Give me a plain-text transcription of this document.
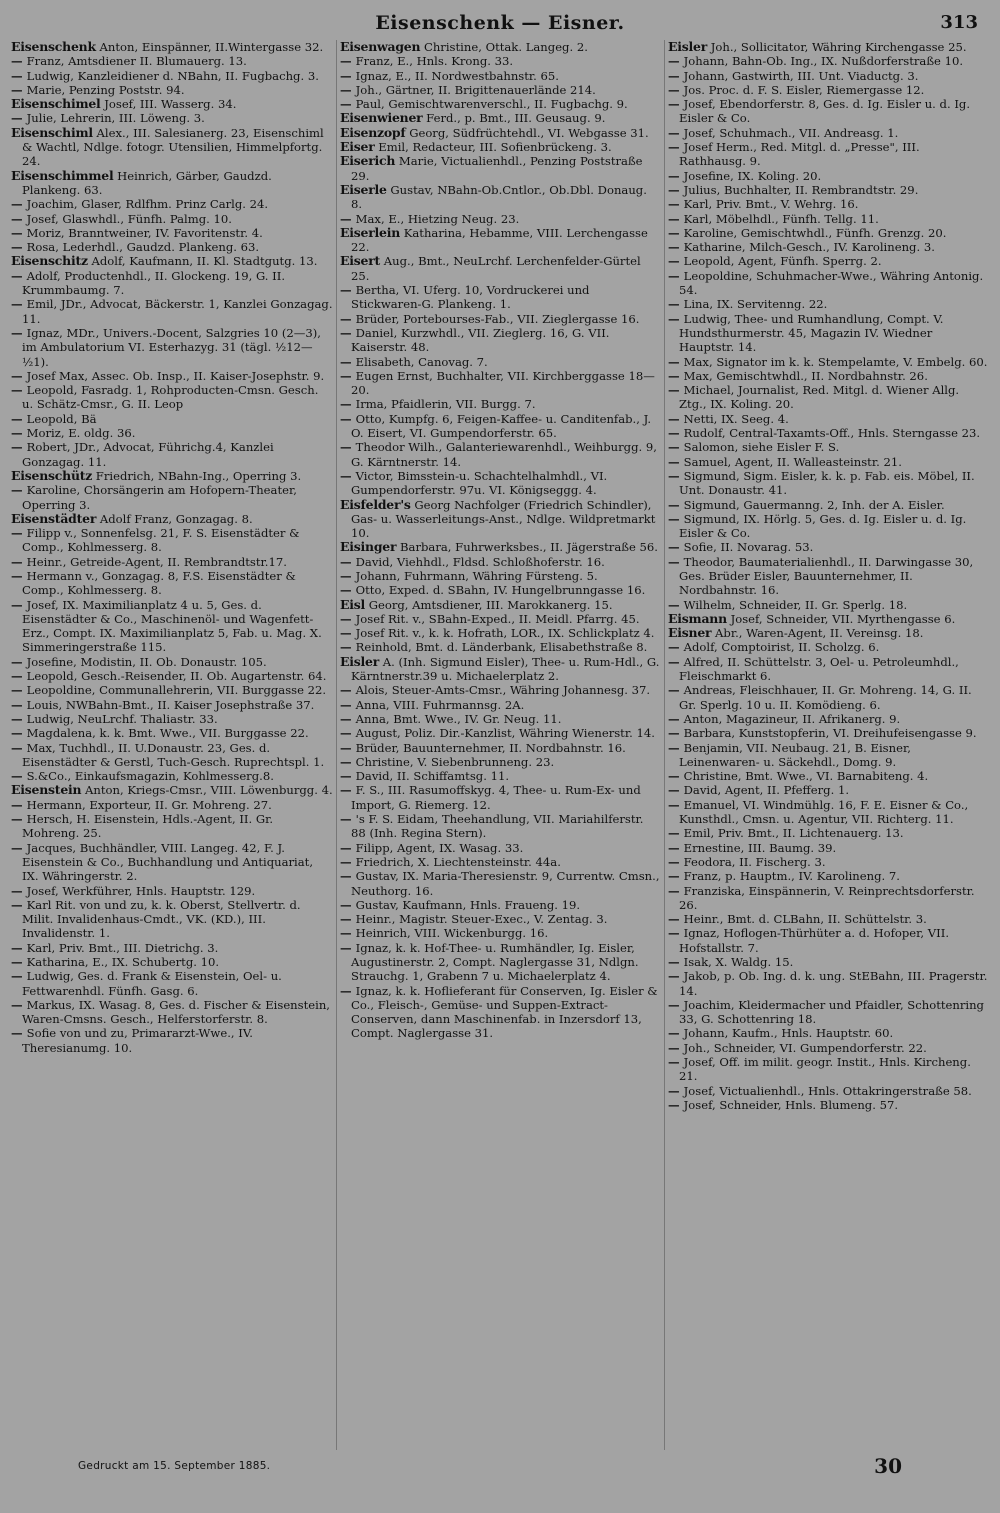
Eisenschenk — Eisner.	313

Eisenschenk Anton, Einspänner, II.Wintergasse 32.

— Franz, Amtsdiener II. Blumauerg. 13.

— Ludwig, Kanzleidiener d. NBahn, II. Fugbachg. 3.

— Marie, Penzing Poststr. 94.

Eisenschimel Josef, III. Wasserg. 34.

— Julie, Lehrerin, III. Löweng. 3.

Eisenschiml Alex., III. Salesianerg. 23, Eisenschiml & Wachtl, Ndlge. fotogr. Utensilien, Himmelpfortg. 24.

Eisenschimmel Heinrich, Gärber, Gaudzd. Plankeng. 63.

— Joachim, Glaser, Rdlfhm. Prinz Carlg. 24.

— Josef, Glaswhdl., Fünfh. Palmg. 10.

— Moriz, Branntweiner, IV. Favoritenstr. 4.

— Rosa, Lederhdl., Gaudzd. Plankeng. 63.

Eisenschitz Adolf, Kaufmann, II. Kl. Stadtgutg. 13.

— Adolf, Productenhdl., II. Glockeng. 19, G. II. Krummbaumg. 7.

— Emil, JDr., Advocat, Bäckerstr. 1, Kanzlei Gonzagag. 11.

— Ignaz, MDr., Univers.-Docent, Salzgries 10 (2—3), im Ambulatorium VI. Esterhazyg. 31 (tägl. ½12—½1).

— Josef Max, Assec. Ob. Insp., II. Kaiser-Josephstr. 9.

— Leopold, Fasradg. 1, Rohproducten-Cmsn. Gesch. u. Schätz-Cmsr., G. II. Leop

— Leopold, Bä

— Moriz, E. oldg. 36.

— Robert, JDr., Advocat, Führichg.4, Kanzlei Gonzagag. 11.

Eisenschütz Friedrich, NBahn-Ing., Operring 3.

— Karoline, Chorsängerin am Hofopern-Theater, Operring 3.

Eisenstädter Adolf Franz, Gonzagag. 8.

— Filipp v., Sonnenfelsg. 21, F. S. Eisenstädter & Comp., Kohlmesserg. 8.

— Heinr., Getreide-Agent, II. Rembrandtstr.17.

— Hermann v., Gonzagag. 8, F.S. Eisenstädter & Comp., Kohlmesserg. 8.

— Josef, IX. Maximilianplatz 4 u. 5, Ges. d. Eisenstädter & Co., Maschinenöl- und Wagenfett-Erz., Compt. IX. Maximilianplatz 5, Fab. u. Mag. X. Simmeringerstraße 115.

— Josefine, Modistin, II. Ob. Donaustr. 105.

— Leopold, Gesch.-Reisender, II. Ob. Augartenstr. 64.

— Leopoldine, Communallehrerin, VII. Burggasse 22.

— Louis, NWBahn-Bmt., II. Kaiser Josephstraße 37.

— Ludwig, NeuLrchf. Thaliastr. 33.

— Magdalena, k. k. Bmt. Wwe., VII. Burggasse 22.

— Max, Tuchhdl., II. U.Donaustr. 23, Ges. d. Eisenstädter & Gerstl, Tuch-Gesch. Ruprechtspl. 1.

— S.&Co., Einkaufsmagazin, Kohlmesserg.8.

Eisenstein Anton, Kriegs-Cmsr., VIII. Löwenburgg. 4.

— Hermann, Exporteur, II. Gr. Mohreng. 27.

— Hersch, H. Eisenstein, Hdls.-Agent, II. Gr. Mohreng. 25.

— Jacques, Buchhändler, VIII. Langeg. 42, F. J. Eisenstein & Co., Buchhandlung und Antiquariat, IX. Währingerstr. 2.

— Josef, Werkführer, Hnls. Hauptstr. 129.

— Karl Rit. von und zu, k. k. Oberst, Stellvertr. d. Milit. Invalidenhaus-Cmdt., VK. (KD.), III. Invalidenstr. 1.

— Karl, Priv. Bmt., III. Dietrichg. 3.

— Katharina, E., IX. Schubertg. 10.

— Ludwig, Ges. d. Frank & Eisenstein, Oel- u. Fettwarenhdl. Fünfh. Gasg. 6.

— Markus, IX. Wasag. 8, Ges. d. Fischer & Eisenstein, Waren-Cmsns. Gesch., Helferstorferstr. 8.

— Sofie von und zu, Primararzt-Wwe., IV. Theresianumg. 10.

Eisenwagen Christine, Ottak. Langeg. 2.

— Franz, E., Hnls. Krong. 33.

— Ignaz, E., II. Nordwestbahnstr. 65.

— Joh., Gärtner, II. Brigittenauerlände 214.

— Paul, Gemischtwarenverschl., II. Fugbachg. 9.

Eisenwiener Ferd., p. Bmt., III. Geusaug. 9.

Eisenzopf Georg, Südfrüchtehdl., VI. Webgasse 31.

Eiser Emil, Redacteur, III. Sofienbrückeng. 3.

Eiserich Marie, Victualienhdl., Penzing Poststraße 29.

Eiserle Gustav, NBahn-Ob.Cntlor., Ob.Dbl. Donaug. 8.

— Max, E., Hietzing Neug. 23.

Eiserlein Katharina, Hebamme, VIII. Lerchengasse 22.

Eisert Aug., Bmt., NeuLrchf. Lerchenfelder-Gürtel 25.

— Bertha, VI. Uferg. 10, Vordruckerei und Stickwaren-G. Plankeng. 1.

— Brüder, Portebourses-Fab., VII. Zieglergasse 16.

— Daniel, Kurzwhdl., VII. Zieglerg. 16, G. VII. Kaiserstr. 48.

— Elisabeth, Canovag. 7.

— Eugen Ernst, Buchhalter, VII. Kirchberggasse 18—20.

— Irma, Pfaidlerin, VII. Burgg. 7.

— Otto, Kumpfg. 6, Feigen-Kaffee- u. Canditenfab., J. O. Eisert, VI. Gumpendorferstr. 65.

— Theodor Wilh., Galanteriewarenhdl., Weihburgg. 9, G. Kärntnerstr. 14.

— Victor, Bimsstein-u. Schachtelhalmhdl., VI. Gumpendorferstr. 97u. VI. Königseggg. 4.

Eisfelder's Georg Nachfolger (Friedrich Schindler), Gas- u. Wasserleitungs-Anst., Ndlge. Wildpretmarkt 10.

Eisinger Barbara, Fuhrwerksbes., II. Jägerstraße 56.

— David, Viehhdl., Fldsd. Schloßhoferstr. 16.

— Johann, Fuhrmann, Währing Fürsteng. 5.

— Otto, Exped. d. SBahn, IV. Hungelbrunngasse 16.

Eisl Georg, Amtsdiener, III. Marokkanerg. 15.

— Josef Rit. v., SBahn-Exped., II. Meidl. Pfarrg. 45.

— Josef Rit. v., k. k. Hofrath, LOR., IX. Schlickplatz 4.

— Reinhold, Bmt. d. Länderbank, Elisabethstraße 8.

Eisler A. (Inh. Sigmund Eisler), Thee- u. Rum-Hdl., G. Kärntnerstr.39 u. Michaelerplatz 2.

— Alois, Steuer-Amts-Cmsr., Währing Johannesg. 37.

— Anna, VIII. Fuhrmannsg. 2A.

— Anna, Bmt. Wwe., IV. Gr. Neug. 11.

— August, Poliz. Dir.-Kanzlist, Währing Wienerstr. 14.

— Brüder, Bauunternehmer, II. Nordbahnstr. 16.

— Christine, V. Siebenbrunneng. 23.

— David, II. Schiffamtsg. 11.

— F. S., III. Rasumoffskyg. 4, Thee- u. Rum-Ex- und Import, G. Riemerg. 12.

— 's F. S. Eidam, Theehandlung, VII. Mariahilferstr. 88 (Inh. Regina Stern).

— Filipp, Agent, IX. Wasag. 33.

— Friedrich, X. Liechtensteinstr. 44a.

— Gustav, IX. Maria-Theresienstr. 9, Currentw. Cmsn., Neuthorg. 16.

— Gustav, Kaufmann, Hnls. Fraueng. 19.

— Heinr., Magistr. Steuer-Exec., V. Zentag. 3.

— Heinrich, VIII. Wickenburgg. 16.

— Ignaz, k. k. Hof-Thee- u. Rumhändler, Ig. Eisler, Augustinerstr. 2, Compt. Naglergasse 31, Ndlgn. Strauchg. 1, Grabenn 7 u. Michaelerplatz 4.

— Ignaz, k. k. Hoflieferant für Conserven, Ig. Eisler & Co., Fleisch-, Gemüse- und Suppen-Extract-Conserven, dann Maschinenfab. in Inzersdorf 13, Compt. Naglergasse 31.

Eisler Joh., Sollicitator, Währing Kirchengasse 25.

— Johann, Bahn-Ob. Ing., IX. Nußdorferstraße 10.

— Johann, Gastwirth, III. Unt. Viaductg. 3.

— Jos. Proc. d. F. S. Eisler, Riemergasse 12.

— Josef, Ebendorferstr. 8, Ges. d. Ig. Eisler u. d. Ig. Eisler & Co.

— Josef, Schuhmach., VII. Andreasg. 1.

— Josef Herm., Red. Mitgl. d. „Presse", III. Rathhausg. 9.

— Josefine, IX. Koling. 20.

— Julius, Buchhalter, II. Rembrandtstr. 29.

— Karl, Priv. Bmt., V. Wehrg. 16.

— Karl, Möbelhdl., Fünfh. Tellg. 11.

— Karoline, Gemischtwhdl., Fünfh. Grenzg. 20.

— Katharine, Milch-Gesch., IV. Karolineng. 3.

— Leopold, Agent, Fünfh. Sperrg. 2.

— Leopoldine, Schuhmacher-Wwe., Währing Antonig. 54.

— Lina, IX. Servitenng. 22.

— Ludwig, Thee- und Rumhandlung, Compt. V. Hundsthurmerstr. 45, Magazin IV. Wiedner Hauptstr. 14.

— Max, Signator im k. k. Stempelamte, V. Embelg. 60.

— Max, Gemischtwhdl., II. Nordbahnstr. 26.

— Michael, Journalist, Red. Mitgl. d. Wiener Allg. Ztg., IX. Koling. 20.

— Netti, IX. Seeg. 4.

— Rudolf, Central-Taxamts-Off., Hnls. Sterngasse 23.

— Salomon, siehe Eisler F. S.

— Samuel, Agent, II. Walleasteinstr. 21.

— Sigmund, Sigm. Eisler, k. k. p. Fab. eis. Möbel, II. Unt. Donaustr. 41.

— Sigmund, Gauermanng. 2, Inh. der A. Eisler.

— Sigmund, IX. Hörlg. 5, Ges. d. Ig. Eisler u. d. Ig. Eisler & Co.

— Sofie, II. Novarag. 53.

— Theodor, Baumaterialienhdl., II. Darwingasse 30, Ges. Brüder Eisler, Bauunternehmer, II. Nordbahnstr. 16.

— Wilhelm, Schneider, II. Gr. Sperlg. 18.

Eismann Josef, Schneider, VII. Myrthengasse 6.

Eisner Abr., Waren-Agent, II. Vereinsg. 18.

— Adolf, Comptoirist, II. Scholzg. 6.

— Alfred, II. Schüttelstr. 3, Oel- u. Petroleumhdl., Fleischmarkt 6.

— Andreas, Fleischhauer, II. Gr. Mohreng. 14, G. II. Gr. Sperlg. 10 u. II. Komödieng. 6.

— Anton, Magazineur, II. Afrikanerg. 9.

— Barbara, Kunststopferin, VI. Dreihufeisengasse 9.

— Benjamin, VII. Neubaug. 21, B. Eisner, Leinenwaren- u. Säckehdl., Domg. 9.

— Christine, Bmt. Wwe., VI. Barnabiteng. 4.

— David, Agent, II. Pfefferg. 1.

— Emanuel, VI. Windmühlg. 16, F. E. Eisner & Co., Kunsthdl., Cmsn. u. Agentur, VII. Richterg. 11.

— Emil, Priv. Bmt., II. Lichtenauerg. 13.

— Ernestine, III. Baumg. 39.

— Feodora, II. Fischerg. 3.

— Franz, p. Hauptm., IV. Karolineng. 7.

— Franziska, Einspännerin, V. Reinprechtsdorferstr. 26.

— Heinr., Bmt. d. CLBahn, II. Schüttelstr. 3.

— Ignaz, Hoflogen-Thürhüter a. d. Hofoper, VII. Hofstallstr. 7.

— Isak, X. Waldg. 15.

— Jakob, p. Ob. Ing. d. k. ung. StEBahn, III. Pragerstr. 14.

— Joachim, Kleidermacher und Pfaidler, Schottenring 33, G. Schottenring 18.

— Johann, Kaufm., Hnls. Hauptstr. 60.

— Joh., Schneider, VI. Gumpendorferstr. 22.

— Josef, Off. im milit. geogr. Instit., Hnls. Kircheng. 21.

— Josef, Victualienhdl., Hnls. Ottakringerstraße 58.

— Josef, Schneider, Hnls. Blumeng. 57.

Gedruckt am 15. September 1885.	30
